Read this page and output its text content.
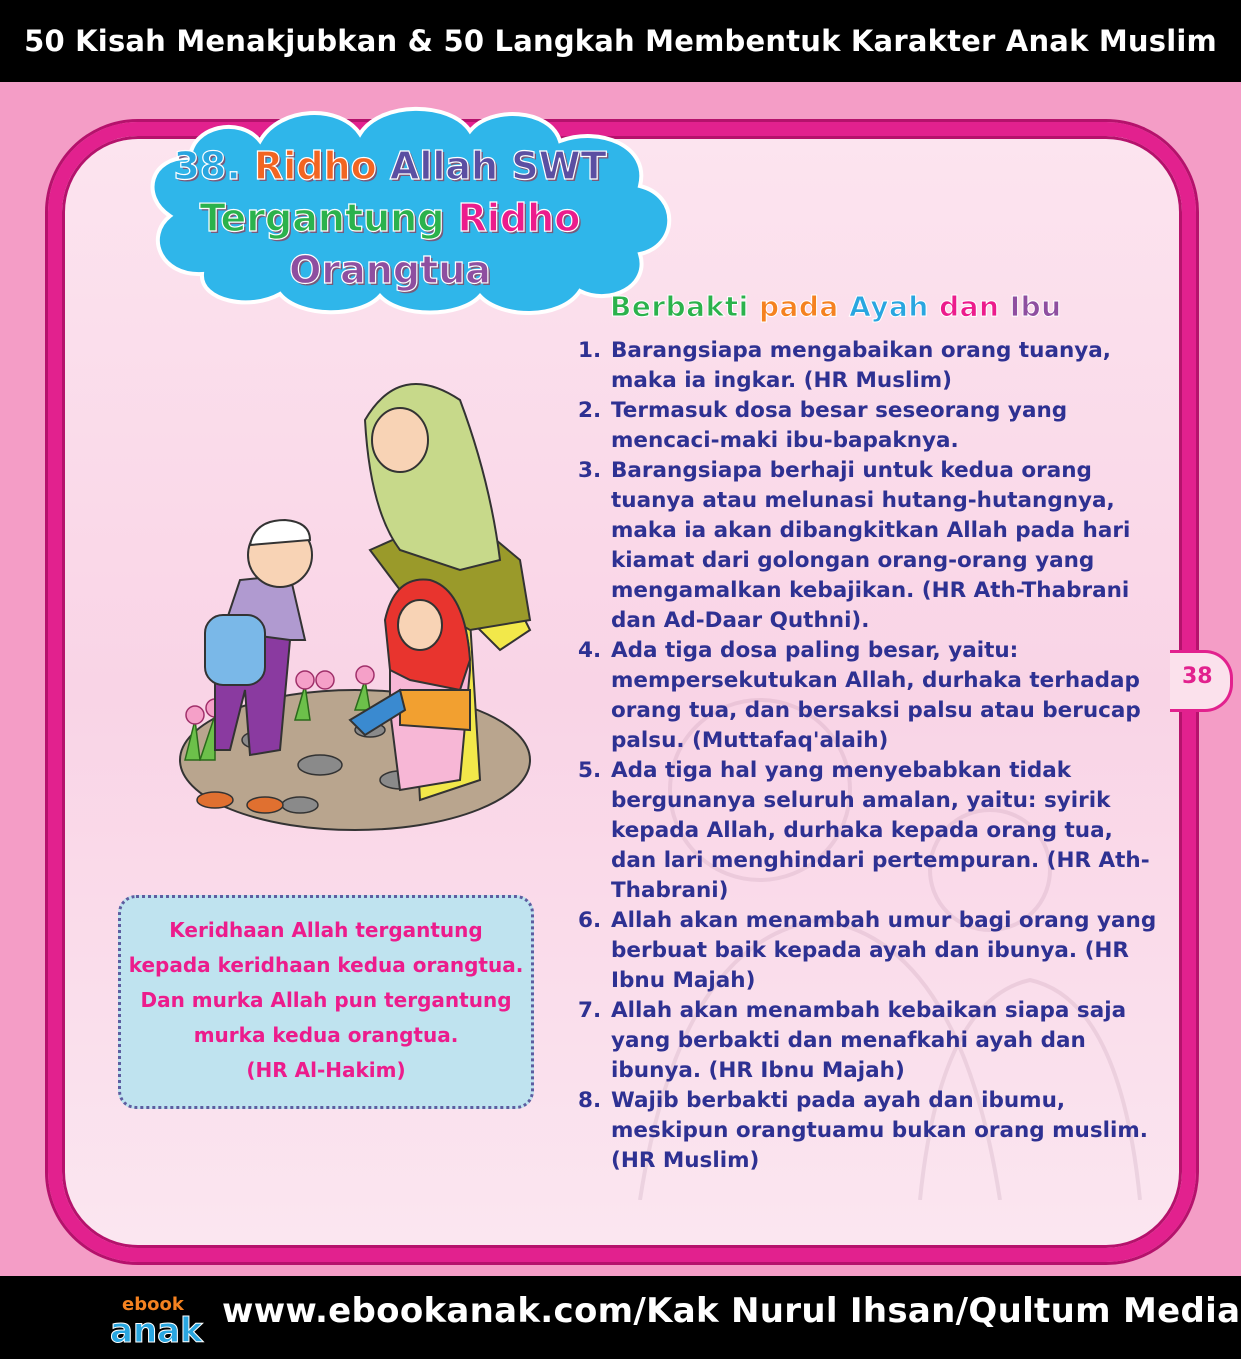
50 Kisah Menakjubkan & 50 Langkah Membentuk Karakter Anak Muslim
38. Ridho Allah SWT
Tergantung Ridho
Orangtua
Berbakti pada Ayah dan Ibu
1. Barangsiapa mengabaikan orang tuanya, maka ia ingkar. (HR Muslim)
2. Termasuk dosa besar seseorang yang mencaci-maki ibu-bapaknya.
3. Barangsiapa berhaji untuk kedua orang tuanya atau melunasi hutang-hutangnya, maka ia akan dibangkitkan Allah pada hari kiamat dari golongan orang-orang yang mengamalkan kebajikan. (HR Ath-Thabrani dan Ad-Daar Quthni).
4. Ada tiga dosa paling besar, yaitu: mempersekutukan Allah, durhaka terhadap orang tua, dan bersaksi palsu atau berucap palsu. (Muttafaq'alaih)
5. Ada tiga hal yang menyebabkan tidak bergunanya seluruh amalan, yaitu: syirik kepada Allah, durhaka kepada orang tua, dan lari menghindari pertempuran. (HR Ath-Thabrani)
6. Allah akan menambah umur bagi orang yang berbuat baik kepada ayah dan ibunya. (HR Ibnu Majah)
7. Allah akan menambah kebaikan siapa saja yang berbakti dan menafkahi ayah dan ibunya. (HR Ibnu Majah)
8. Wajib berbakti pada ayah dan ibumu, meskipun orangtuamu bukan orang muslim. (HR Muslim)
38
Keridhaan Allah tergantung
kepada keridhaan kedua orangtua.
Dan murka Allah pun tergantung
murka kedua orangtua.
(HR Al-Hakim)
ebook
anak www.ebookanak.com/Kak Nurul Ihsan/Qultum Media
